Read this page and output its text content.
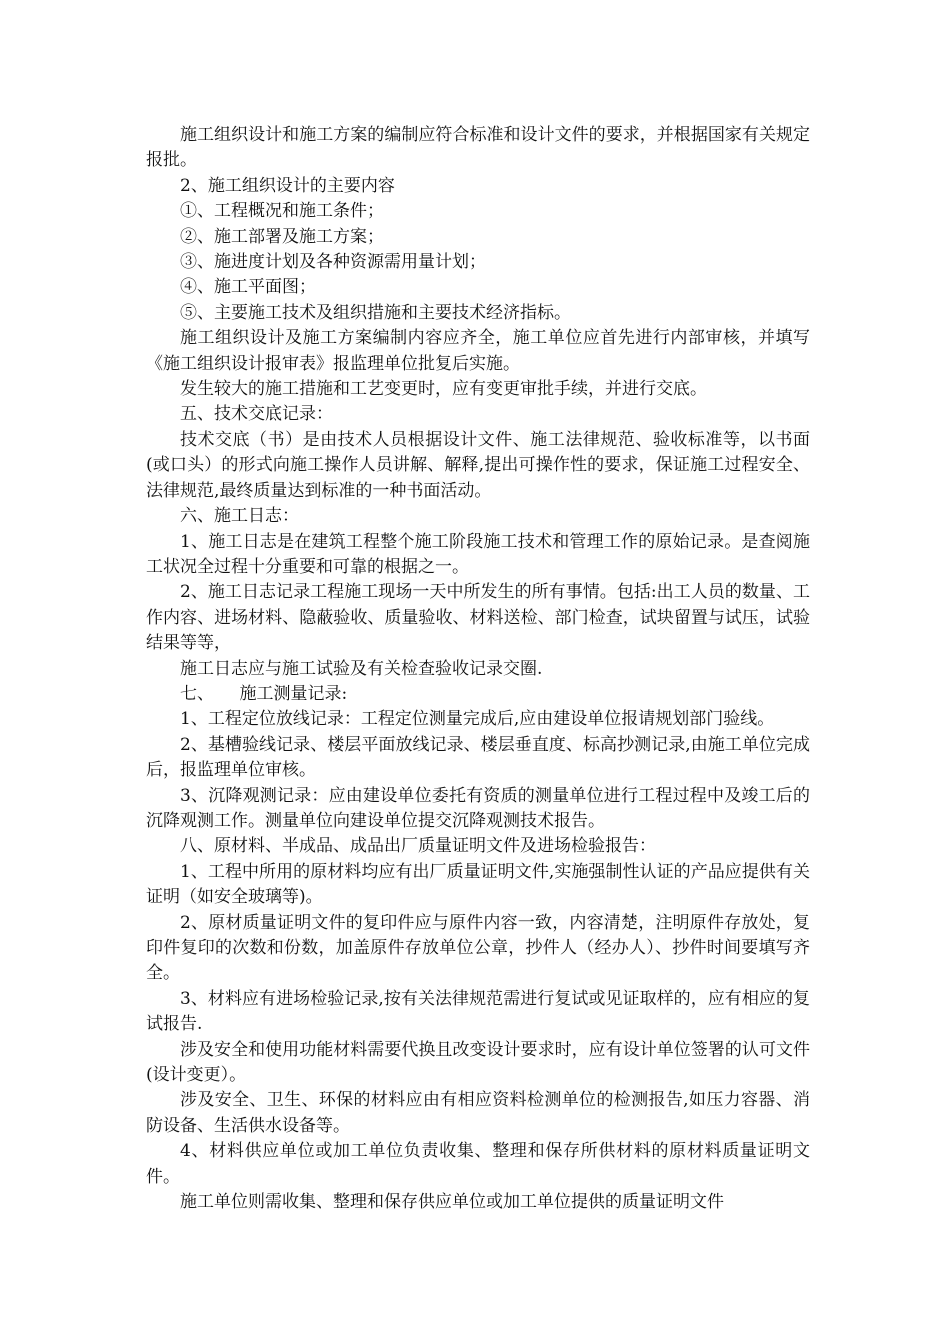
施工组织设计和施工方案的编制应符合标准和设计文件的要求，并根据国家有关规定报批。

2、施工组织设计的主要内容

①、工程概况和施工条件；

②、施工部署及施工方案；

③、施进度计划及各种资源需用量计划；

④、施工平面图；

⑤、主要施工技术及组织措施和主要技术经济指标。

施工组织设计及施工方案编制内容应齐全，施工单位应首先进行内部审核，并填写《施工组织设计报审表》报监理单位批复后实施。

发生较大的施工措施和工艺变更时，应有变更审批手续，并进行交底。

五、技术交底记录：

技术交底（书）是由技术人员根据设计文件、施工法律规范、验收标准等，以书面(或口头）的形式向施工操作人员讲解、解释,提出可操作性的要求，保证施工过程安全、法律规范,最终质量达到标准的一种书面活动。

六、施工日志：

1、施工日志是在建筑工程整个施工阶段施工技术和管理工作的原始记录。是查阅施工状况全过程十分重要和可靠的根据之一。

2、施工日志记录工程施工现场一天中所发生的所有事情。包括:出工人员的数量、工作内容、进场材料、隐蔽验收、质量验收、材料送检、部门检查，试块留置与试压，试验结果等等，

施工日志应与施工试验及有关检查验收记录交圈.

七、　　施工测量记录:

1、工程定位放线记录：工程定位测量完成后,应由建设单位报请规划部门验线。

2、基槽验线记录、楼层平面放线记录、楼层垂直度、标高抄测记录,由施工单位完成后，报监理单位审核。

3、沉降观测记录：应由建设单位委托有资质的测量单位进行工程过程中及竣工后的沉降观测工作。测量单位向建设单位提交沉降观测技术报告。

八、原材料、半成品、成品出厂质量证明文件及进场检验报告：

1、工程中所用的原材料均应有出厂质量证明文件,实施强制性认证的产品应提供有关证明（如安全玻璃等)。

2、原材质量证明文件的复印件应与原件内容一致，内容清楚，注明原件存放处，复印件复印的次数和份数，加盖原件存放单位公章，抄件人（经办人）、抄件时间要填写齐全。

3、材料应有进场检验记录,按有关法律规范需进行复试或见证取样的，应有相应的复试报告.

涉及安全和使用功能材料需要代换且改变设计要求时，应有设计单位签署的认可文件(设计变更）。

涉及安全、卫生、环保的材料应由有相应资料检测单位的检测报告,如压力容器、消防设备、生活供水设备等。

4、材料供应单位或加工单位负责收集、整理和保存所供材料的原材料质量证明文件。

施工单位则需收集、整理和保存供应单位或加工单位提供的质量证明文件
